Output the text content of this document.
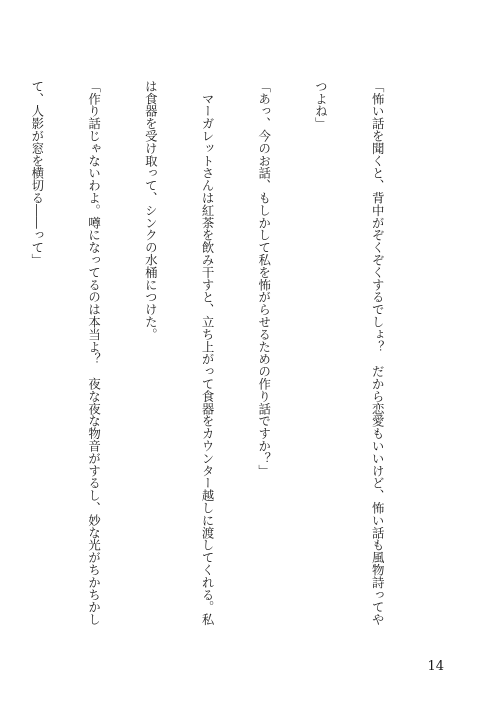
「怖い話を聞くと、背中がぞくぞくするでしょ？　だから恋愛もいいけど、怖い話も風物詩ってや

つよね」

「あっ、今のお話、もしかして私を怖がらせるための作り話ですか？」

　マーガレットさんは紅茶を飲み干すと、立ち上がって食器をカウンター越しに渡してくれる。私

は食器を受け取って、シンクの水桶につけた。

「作り話じゃないわよ。噂になってるのは本当よ？　夜な夜な物音がするし、妙な光がちかちかし

て、人影が窓を横切る――って」

14
